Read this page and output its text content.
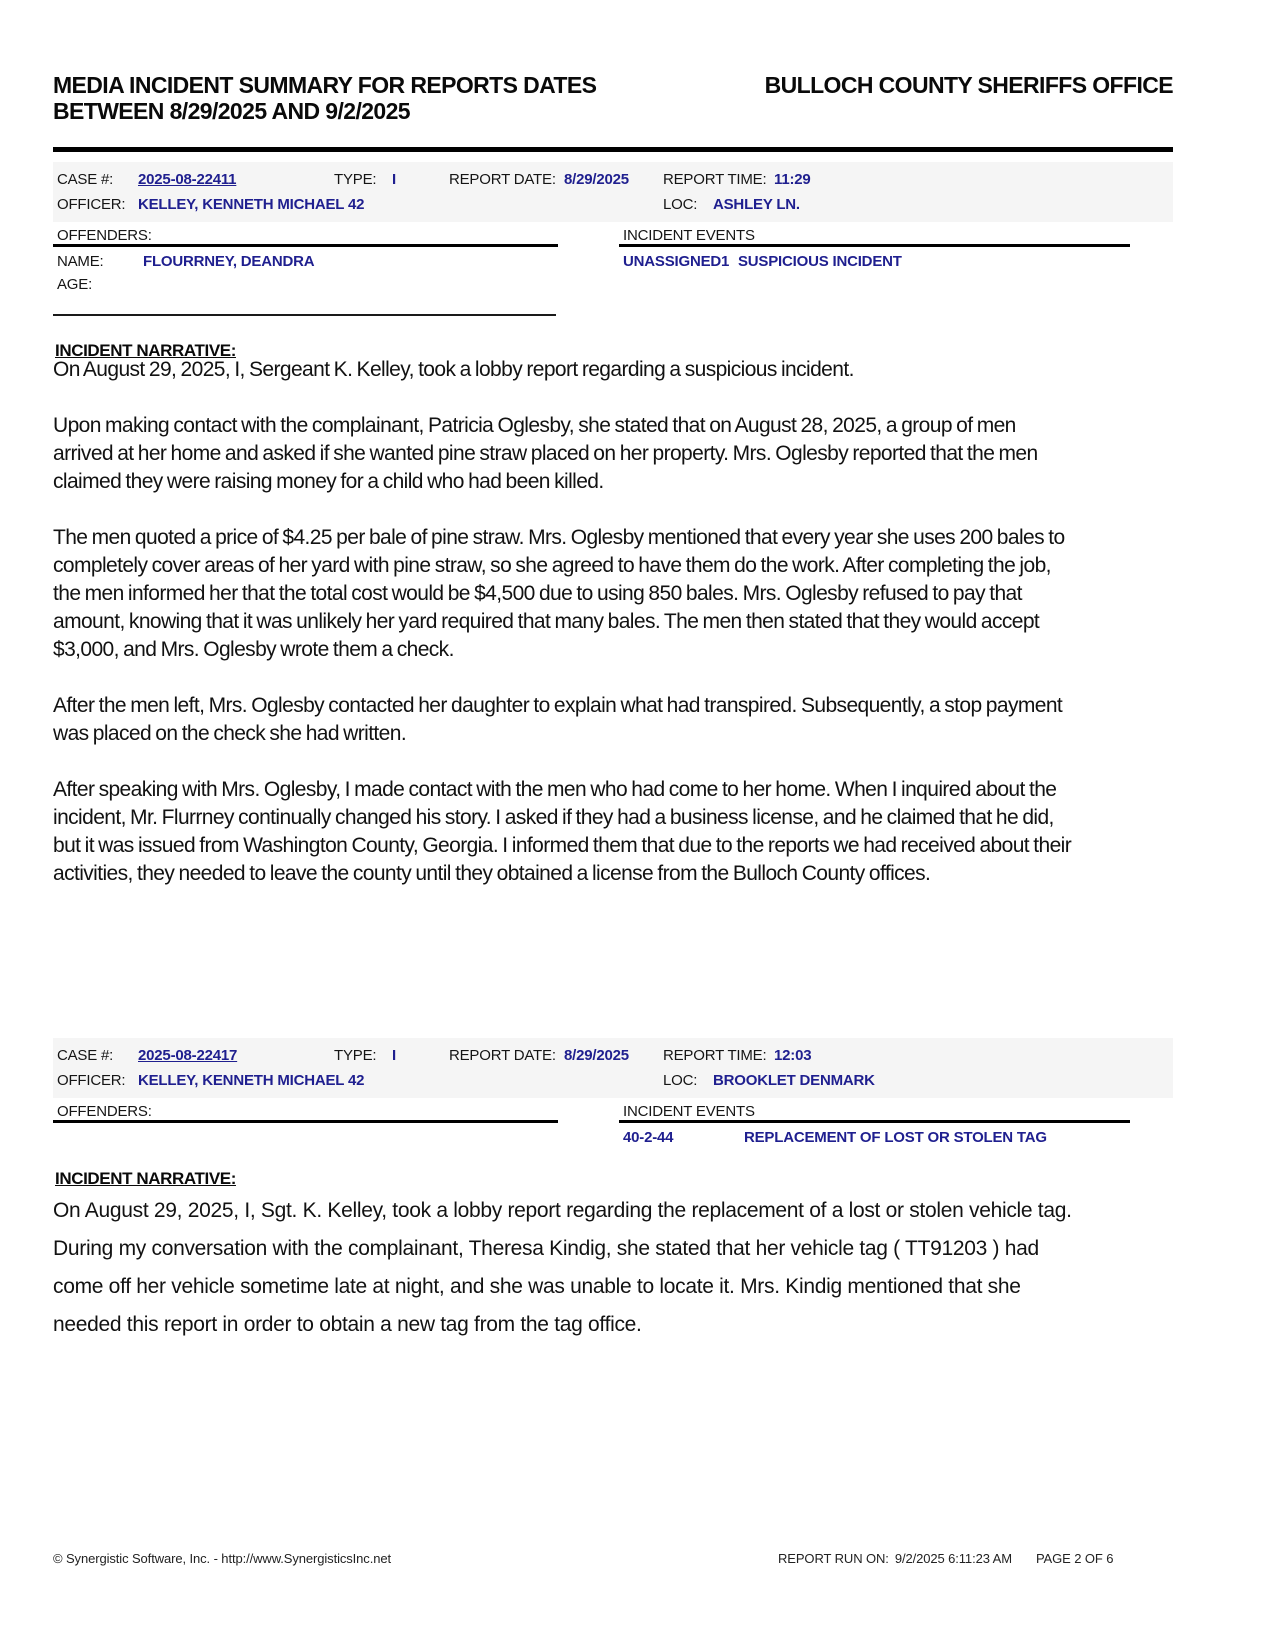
MEDIA INCIDENT SUMMARY FOR REPORTS DATES
BETWEEN 8/29/2025 AND 9/2/2025
BULLOCH COUNTY SHERIFFS OFFICE
CASE #: 2025-08-22411	TYPE: I	REPORT DATE: 8/29/2025 REPORT TIME: 11:29
OFFICER: KELLEY, KENNETH MICHAEL 42	LOC: ASHLEY LN.
OFFENDERS:
NAME:	FLOURRNEY, DEANDRA
AGE:
INCIDENT EVENTS
UNASSIGNED1 SUSPICIOUS INCIDENT
INCIDENT NARRATIVE:

On August 29, 2025, I, Sergeant K. Kelley, took a lobby report regarding a suspicious incident.

Upon making contact with the complainant, Patricia Oglesby, she stated that on August 28, 2025, a group of men arrived at her home and asked if she wanted pine straw placed on her property. Mrs. Oglesby reported that the men claimed they were raising money for a child who had been killed.

The men quoted a price of $4.25 per bale of pine straw. Mrs. Oglesby mentioned that every year she uses 200 bales to completely cover areas of her yard with pine straw, so she agreed to have them do the work. After completing the job, the men informed her that the total cost would be $4,500 due to using 850 bales. Mrs. Oglesby refused to pay that amount, knowing that it was unlikely her yard required that many bales. The men then stated that they would accept $3,000, and Mrs. Oglesby wrote them a check.

After the men left, Mrs. Oglesby contacted her daughter to explain what had transpired. Subsequently, a stop payment was placed on the check she had written.

After speaking with Mrs. Oglesby, I made contact with the men who had come to her home. When I inquired about the incident, Mr. Flurrney continually changed his story. I asked if they had a business license, and he claimed that he did, but it was issued from Washington County, Georgia. I informed them that due to the reports we had received about their activities, they needed to leave the county until they obtained a license from the Bulloch County offices.

CASE #: 2025-08-22417	TYPE: I	REPORT DATE: 8/29/2025 REPORT TIME: 12:03
OFFICER: KELLEY, KENNETH MICHAEL 42	LOC: BROOKLET DENMARK
OFFENDERS:	INCIDENT EVENTS
40-2-44	REPLACEMENT OF LOST OR STOLEN TAG
INCIDENT NARRATIVE:

On August 29, 2025, I, Sgt. K. Kelley, took a lobby report regarding the replacement of a lost or stolen vehicle tag. During my conversation with the complainant, Theresa Kindig, she stated that her vehicle tag ( TT91203 ) had come off her vehicle sometime late at night, and she was unable to locate it. Mrs. Kindig mentioned that she needed this report in order to obtain a new tag from the tag office.

© Synergistic Software, Inc. - http://www.SynergisticsInc.net	REPORT RUN ON: 9/2/2025 6:11:23 AM PAGE 2 OF 6
